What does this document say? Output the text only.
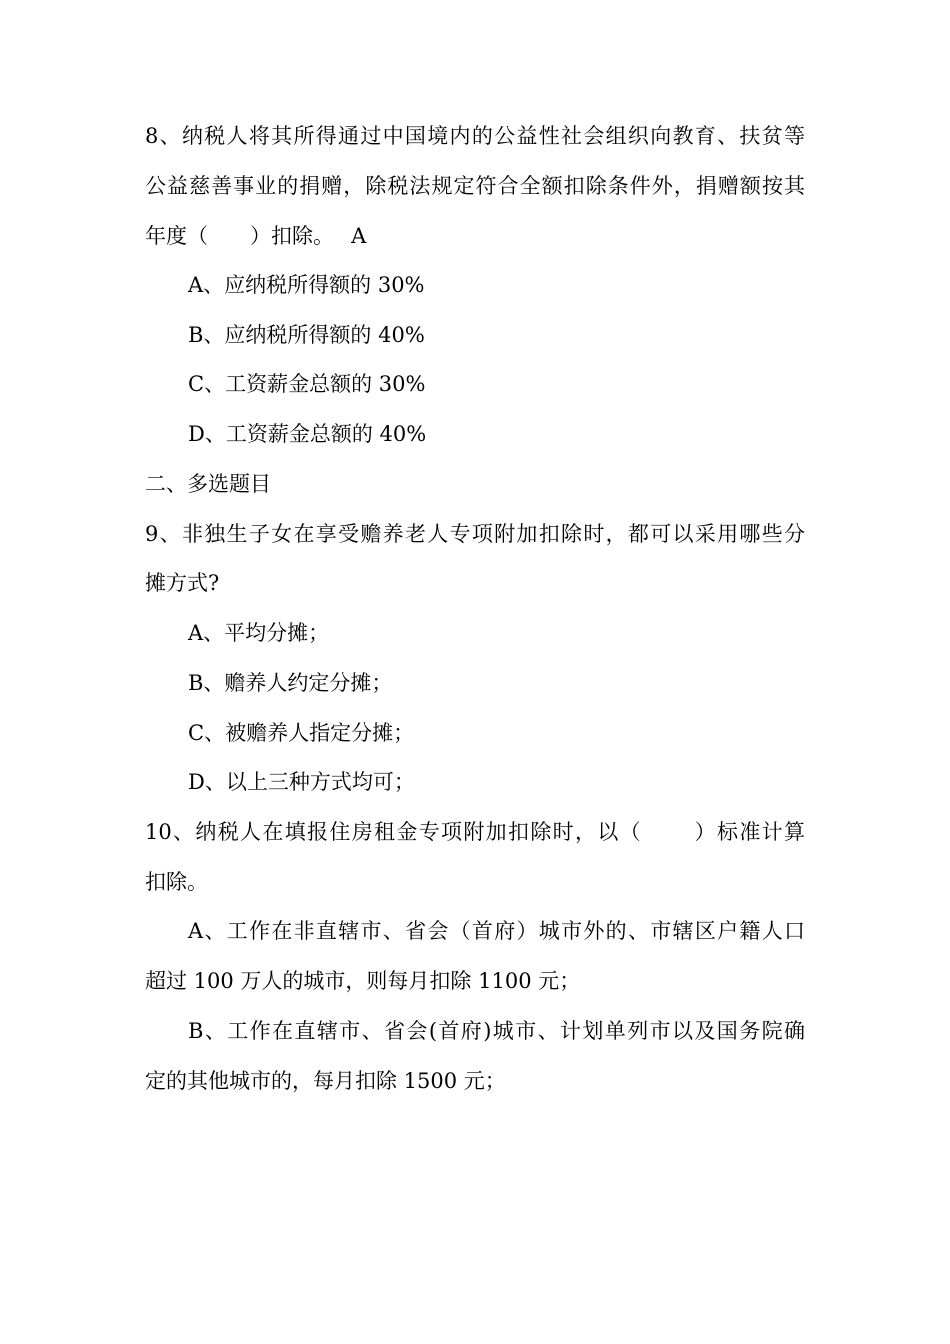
8、纳税人将其所得通过中国境内的公益性社会组织向教育、扶贫等
公益慈善事业的捐赠，除税法规定符合全额扣除条件外，捐赠额按其
年度（　　）扣除。　 A
A、应纳税所得额的 30%
B、应纳税所得额的 40%
C、工资薪金总额的 30%
D、工资薪金总额的 40%
二、多选题目
9、非独生子女在享受赡养老人专项附加扣除时，都可以采用哪些分
摊方式?
A、平均分摊；
B、赡养人约定分摊；
C、被赡养人指定分摊；
D、以上三种方式均可；
10、纳税人在填报住房租金专项附加扣除时，以（　　 ）标准计算
扣除。
A、工作在非直辖市、省会（首府）城市外的、市辖区户籍人口
超过 100 万人的城市，则每月扣除 1100 元；
B、工作在直辖市、省会(首府)城市、计划单列市以及国务院确
定的其他城市的，每月扣除 1500 元；
